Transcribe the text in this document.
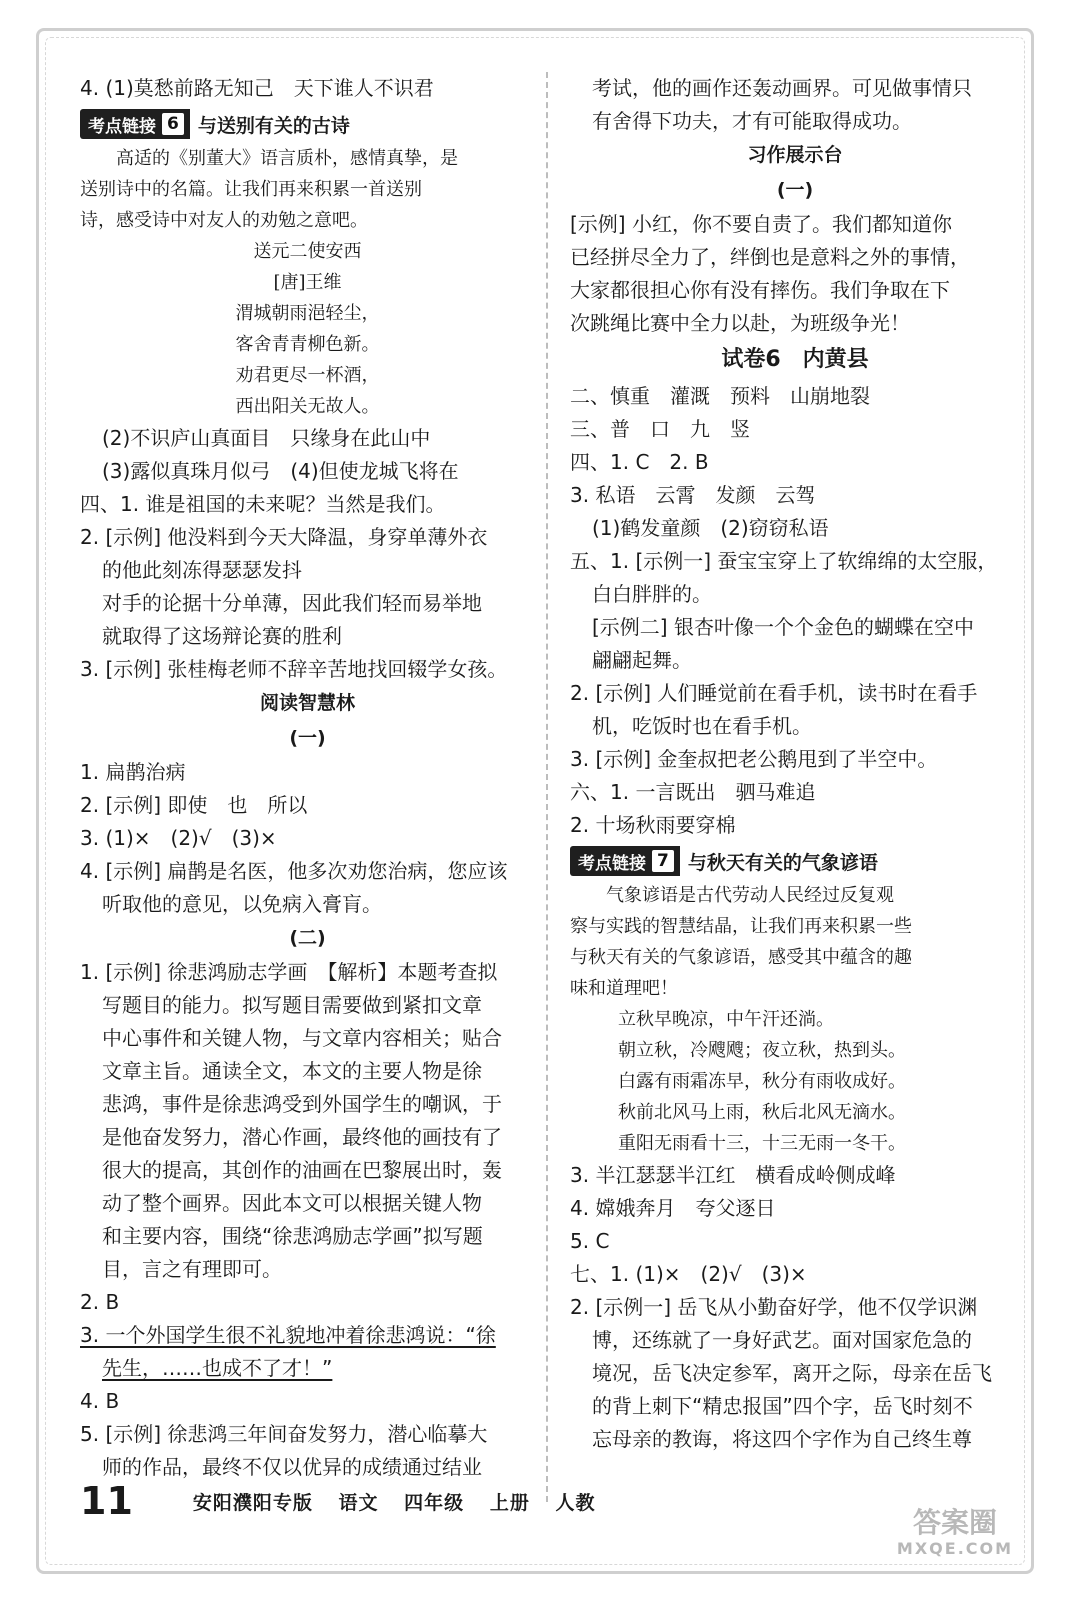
4. (1)莫愁前路无知己　天下谁人不识君
考点链接 6 与送别有关的古诗
　　高适的《别董大》语言质朴，感情真挚，是
送别诗中的名篇。让我们再来积累一首送别
诗，感受诗中对友人的劝勉之意吧。
送元二使安西
[唐]王维
渭城朝雨浥轻尘，
客舍青青柳色新。
劝君更尽一杯酒，
西出阳关无故人。
(2)不识庐山真面目　只缘身在此山中
(3)露似真珠月似弓　(4)但使龙城飞将在
四、1. 谁是祖国的未来呢？当然是我们。
2. [示例] 他没料到今天大降温，身穿单薄外衣
的他此刻冻得瑟瑟发抖
对手的论据十分单薄，因此我们轻而易举地
就取得了这场辩论赛的胜利
3. [示例] 张桂梅老师不辞辛苦地找回辍学女孩。
阅读智慧林
(一)
1. 扁鹊治病
2. [示例] 即使　也　所以
3. (1)×　(2)√　(3)×
4. [示例] 扁鹊是名医，他多次劝您治病，您应该
听取他的意见，以免病入膏肓。
(二)
1. [示例] 徐悲鸿励志学画　【解析】本题考查拟
写题目的能力。拟写题目需要做到紧扣文章
中心事件和关键人物，与文章内容相关；贴合
文章主旨。通读全文，本文的主要人物是徐
悲鸿，事件是徐悲鸿受到外国学生的嘲讽，于
是他奋发努力，潜心作画，最终他的画技有了
很大的提高，其创作的油画在巴黎展出时，轰
动了整个画界。因此本文可以根据关键人物
和主要内容，围绕“徐悲鸿励志学画”拟写题
目，言之有理即可。
2. B
3. 一个外国学生很不礼貌地冲着徐悲鸿说：“徐
先生，……也成不了才！”
4. B
5. [示例] 徐悲鸿三年间奋发努力，潜心临摹大
师的作品，最终不仅以优异的成绩通过结业
考试，他的画作还轰动画界。可见做事情只
有舍得下功夫，才有可能取得成功。
习作展示台
(一)
[示例] 小红，你不要自责了。我们都知道你
已经拼尽全力了，绊倒也是意料之外的事情，
大家都很担心你有没有摔伤。我们争取在下
次跳绳比赛中全力以赴，为班级争光！
试卷6　内黄县
二、慎重　灌溉　预料　山崩地裂
三、普　口　九　竖
四、1. C　2. B
3. 私语　云霄　发颜　云驾
(1)鹤发童颜　(2)窃窃私语
五、1. [示例一] 蚕宝宝穿上了软绵绵的太空服，
白白胖胖的。
[示例二] 银杏叶像一个个金色的蝴蝶在空中
翩翩起舞。
2. [示例] 人们睡觉前在看手机，读书时在看手
机，吃饭时也在看手机。
3. [示例] 金奎叔把老公鹅甩到了半空中。
六、1. 一言既出　驷马难追
2. 十场秋雨要穿棉
考点链接 7 与秋天有关的气象谚语
　　气象谚语是古代劳动人民经过反复观
察与实践的智慧结晶，让我们再来积累一些
与秋天有关的气象谚语，感受其中蕴含的趣
味和道理吧！
立秋早晚凉，中午汗还淌。
朝立秋，冷飕飕；夜立秋，热到头。
白露有雨霜冻早，秋分有雨收成好。
秋前北风马上雨，秋后北风无滴水。
重阳无雨看十三，十三无雨一冬干。
3. 半江瑟瑟半江红　横看成岭侧成峰
4. 嫦娥奔月　夸父逐日
5. C
七、1. (1)×　(2)√　(3)×
2. [示例一] 岳飞从小勤奋好学，他不仅学识渊
博，还练就了一身好武艺。面对国家危急的
境况，岳飞决定参军，离开之际，母亲在岳飞
的背上刺下“精忠报国”四个字，岳飞时刻不
忘母亲的教诲，将这四个字作为自己终生尊
11	安阳濮阳专版 语文 四年级 上册 人教
答案圈
MXQE.COM
